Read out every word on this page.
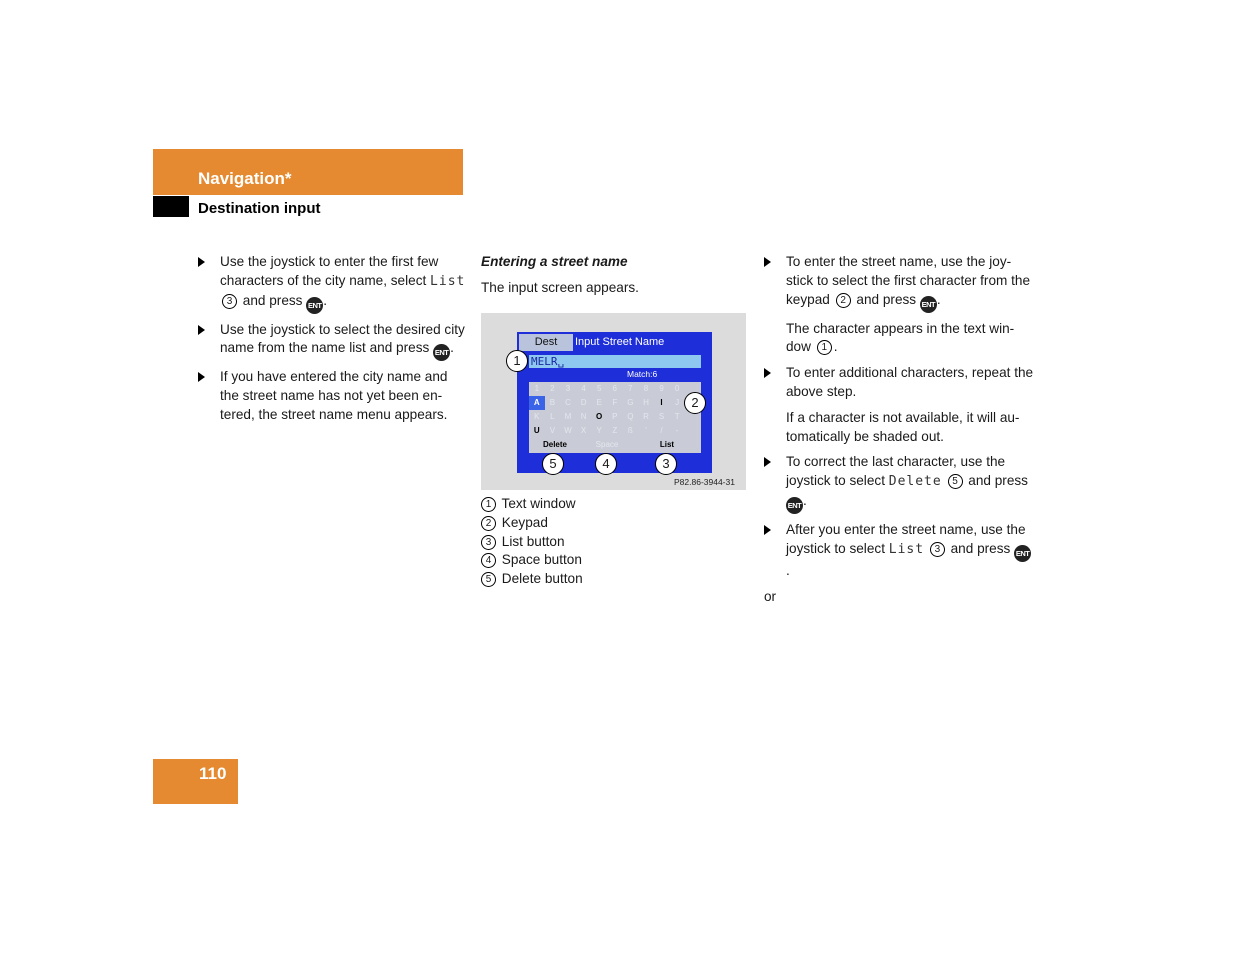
Navigation*
Destination input
Use the joystick to enter the first few characters of the city name, select List 3 and press ENT .
Use the joystick to select the desired city name from the name list and press ENT .
If you have entered the city name and the street name has not yet been en-tered, the street name menu appears.
Entering a street name
The input screen appears.
Dest	Input Street Name
MELR␣
Match:6
1	2	3	4	5	6	7	8	9	0
A	B	C	D	E	F	G	H	I	J
K	L	M	N	O	P	Q	R	S	T
U	V	W	X	Y	Z	ß	'	/	-
Delete	Space	List
1
2
3
4
5
P82.86-3944-31
1 Text window
2 Keypad
3 List button
4 Space button
5 Delete button
To enter the street name, use the joy-stick to select the first character from the keypad 2 and press ENT .
The character appears in the text win-dow 1 .
To enter additional characters, repeat the above step.
If a character is not available, it will au-tomatically be shaded out.
To correct the last character, use the joystick to select Delete 5 and press ENT .
After you enter the street name, use the joystick to select List 3 and press ENT.
or
110
